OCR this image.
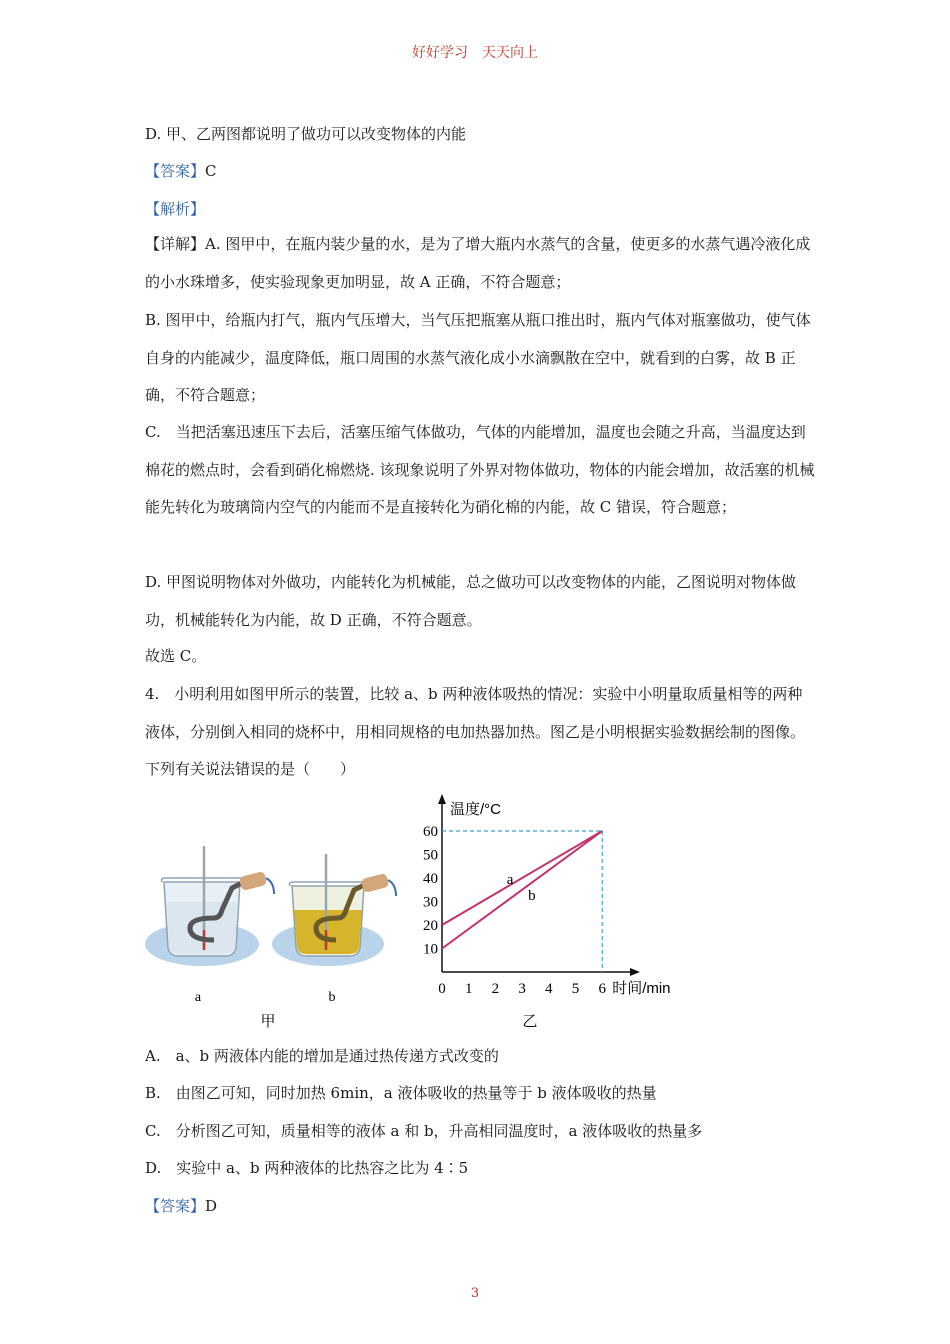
好好学习　天天向上
D. 甲、乙两图都说明了做功可以改变物体的内能
【答案】C
【解析】

【详解】A. 图甲中，在瓶内装少量的水，是为了增大瓶内水蒸气的含量，使更多的水蒸气遇冷液化成的小水珠增多，使实验现象更加明显，故 A 正确，不符合题意；

B. 图甲中，给瓶内打气，瓶内气压增大，当气压把瓶塞从瓶口推出时，瓶内气体对瓶塞做功，使气体自身的内能减少，温度降低，瓶口周围的水蒸气液化成小水滴飘散在空中，就看到的白雾，故 B 正确，不符合题意；

C.　当把活塞迅速压下去后，活塞压缩气体做功，气体的内能增加，温度也会随之升高，当温度达到棉花的燃点时，会看到硝化棉燃烧. 该现象说明了外界对物体做功，物体的内能会增加，故活塞的机械能先转化为玻璃筒内空气的内能而不是直接转化为硝化棉的内能，故 C 错误，符合题意；

D. 甲图说明物体对外做功，内能转化为机械能，总之做功可以改变物体的内能，乙图说明对物体做功，机械能转化为内能，故 D 正确，不符合题意。

故选 C。

4.　小明利用如图甲所示的装置，比较 a、b 两种液体吸热的情况：实验中小明量取质量相等的两种液体，分别倒入相同的烧杯中，用相同规格的电加热器加热。图乙是小明根据实验数据绘制的图像。下列有关说法错误的是（　　）

a	b
甲
温度/°C
时间/min
10
20
30
40
50
60
0 1 2 3 4 5 6
a
b
乙
A.　a、b 两液体内能的增加是通过热传递方式改变的
B.　由图乙可知，同时加热 6min，a 液体吸收的热量等于 b 液体吸收的热量
C.　分析图乙可知，质量相等的液体 a 和 b，升高相同温度时，a 液体吸收的热量多
D.　实验中 a、b 两种液体的比热容之比为 4∶5
【答案】D
3
